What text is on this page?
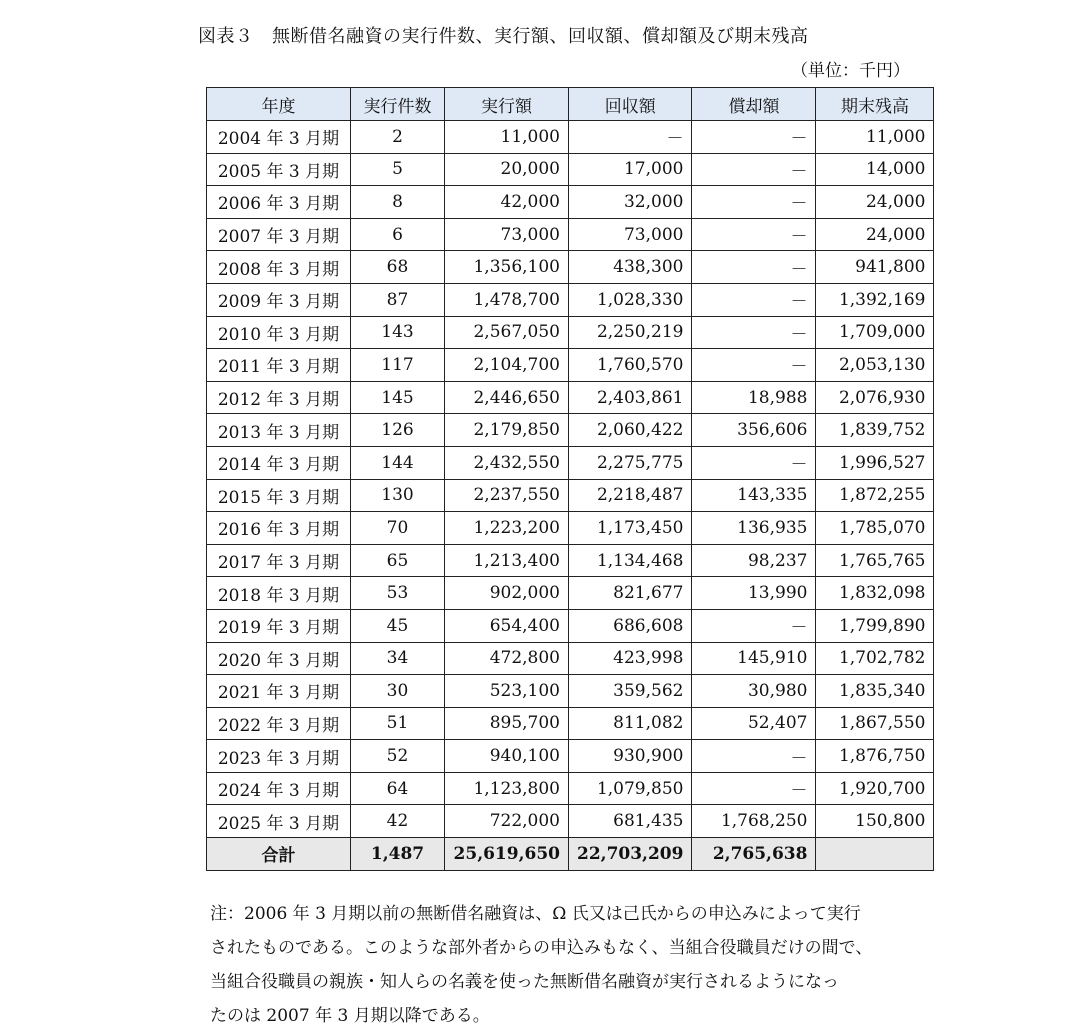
図表３　無断借名融資の実行件数、実行額、回収額、償却額及び期末残高
（単位：千円）
年度	実行件数	実行額	回収額	償却額	期末残高
2004 年 3 月期	2	11,000	－	－	11,000
2005 年 3 月期	5	20,000	17,000	－	14,000
2006 年 3 月期	8	42,000	32,000	－	24,000
2007 年 3 月期	6	73,000	73,000	－	24,000
2008 年 3 月期	68	1,356,100	438,300	－	941,800
2009 年 3 月期	87	1,478,700	1,028,330	－	1,392,169
2010 年 3 月期	143	2,567,050	2,250,219	－	1,709,000
2011 年 3 月期	117	2,104,700	1,760,570	－	2,053,130
2012 年 3 月期	145	2,446,650	2,403,861	18,988	2,076,930
2013 年 3 月期	126	2,179,850	2,060,422	356,606	1,839,752
2014 年 3 月期	144	2,432,550	2,275,775	－	1,996,527
2015 年 3 月期	130	2,237,550	2,218,487	143,335	1,872,255
2016 年 3 月期	70	1,223,200	1,173,450	136,935	1,785,070
2017 年 3 月期	65	1,213,400	1,134,468	98,237	1,765,765
2018 年 3 月期	53	902,000	821,677	13,990	1,832,098
2019 年 3 月期	45	654,400	686,608	－	1,799,890
2020 年 3 月期	34	472,800	423,998	145,910	1,702,782
2021 年 3 月期	30	523,100	359,562	30,980	1,835,340
2022 年 3 月期	51	895,700	811,082	52,407	1,867,550
2023 年 3 月期	52	940,100	930,900	－	1,876,750
2024 年 3 月期	64	1,123,800	1,079,850	－	1,920,700
2025 年 3 月期	42	722,000	681,435	1,768,250	150,800
合計	1,487	25,619,650	22,703,209	2,765,638	

注：2006 年 3 月期以前の無断借名融資は、Ω 氏又は己氏からの申込みによって実行

されたものである。このような部外者からの申込みもなく、当組合役職員だけの間で、

当組合役職員の親族・知人らの名義を使った無断借名融資が実行されるようになっ

たのは 2007 年 3 月期以降である。
